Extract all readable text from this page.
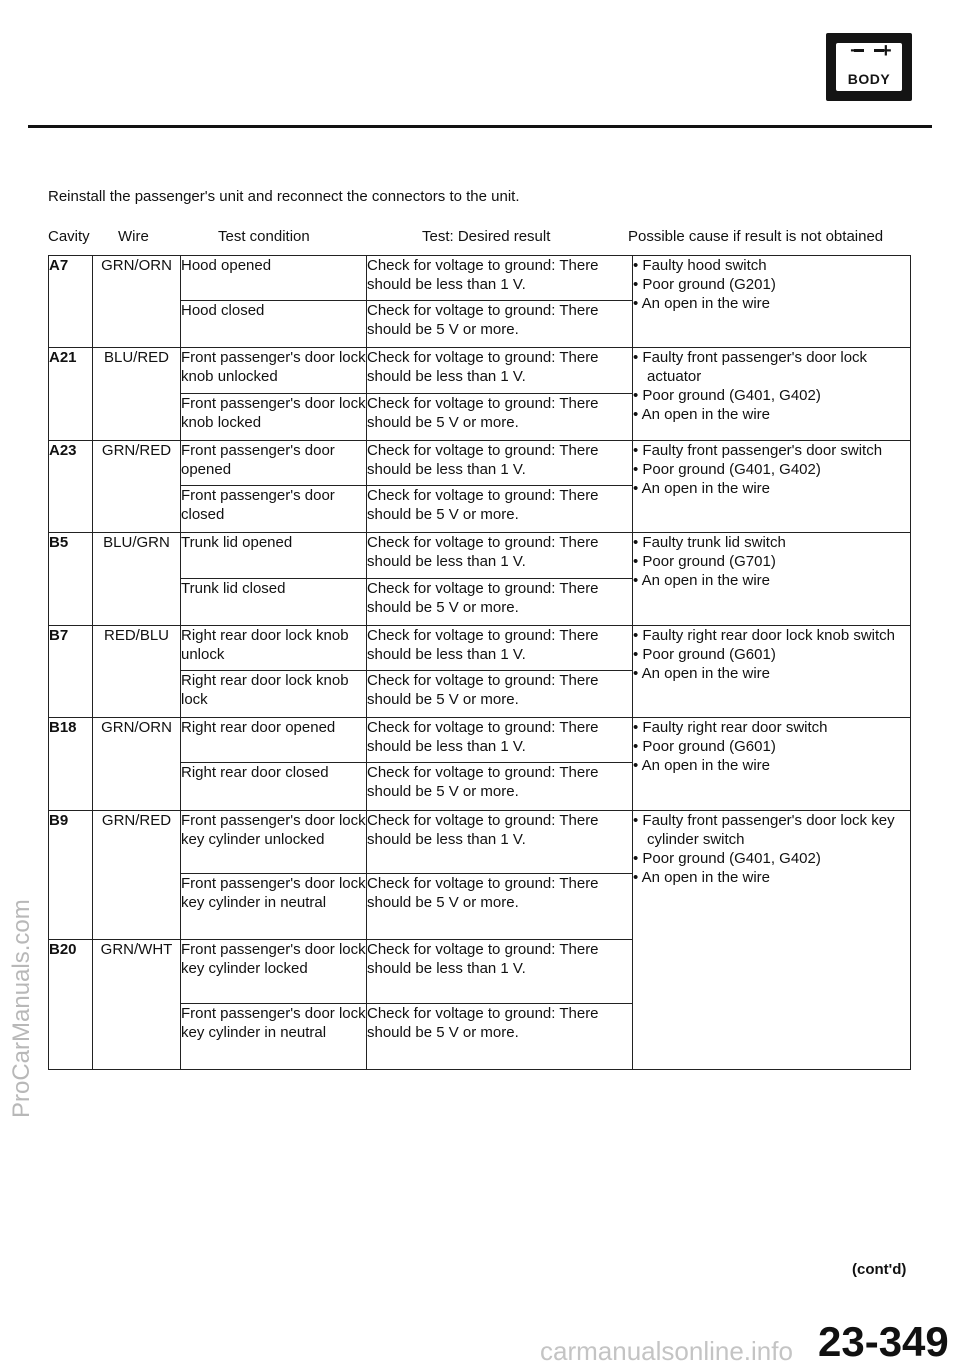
− +
BODY
Reinstall the passenger's unit and reconnect the connectors to the unit.
Cavity Wire	Test condition	Test: Desired result	Possible cause if result is not obtained
A7	GRN/ORN	Hood opened	Check for voltage to ground: There should be less than 1 V.	• Faulty hood switch
• Poor ground (G201)
• An open in the wire

		Hood closed	Check for voltage to ground: There should be 5 V or more.	
A21	BLU/RED	Front passenger's door lock knob unlocked	Check for voltage to ground: There should be less than 1 V.	• Faulty front passenger's door lock actuator
• Poor ground (G401, G402)
• An open in the wire

		Front passenger's door lock knob locked	Check for voltage to ground: There should be 5 V or more.	
A23	GRN/RED	Front passenger's door opened	Check for voltage to ground: There should be less than 1 V.	• Faulty front passenger's door switch
• Poor ground (G401, G402)
• An open in the wire

		Front passenger's door closed	Check for voltage to ground: There should be 5 V or more.	
B5	BLU/GRN	Trunk lid opened	Check for voltage to ground: There should be less than 1 V.	• Faulty trunk lid switch
• Poor ground (G701)
• An open in the wire

		Trunk lid closed	Check for voltage to ground: There should be 5 V or more.	
B7	RED/BLU	Right rear door lock knob unlock	Check for voltage to ground: There should be less than 1 V.	• Faulty right rear door lock knob switch
• Poor ground (G601)
• An open in the wire

		Right rear door lock knob lock	Check for voltage to ground: There should be 5 V or more.	
B18	GRN/ORN	Right rear door opened	Check for voltage to ground: There should be less than 1 V.	• Faulty right rear door switch
• Poor ground (G601)
• An open in the wire

		Right rear door closed	Check for voltage to ground: There should be 5 V or more.	
B9	GRN/RED	Front passenger's door lock key cylinder unlocked	Check for voltage to ground: There should be less than 1 V.	• Faulty front passenger's door lock key cylinder switch
• Poor ground (G401, G402)
• An open in the wire

		Front passenger's door lock key cylinder in neutral	Check for voltage to ground: There should be 5 V or more.	
B20	GRN/WHT	Front passenger's door lock key cylinder locked	Check for voltage to ground: There should be less than 1 V.	
		Front passenger's door lock key cylinder in neutral	Check for voltage to ground: There should be 5 V or more.	
ProCarManuals.com
(cont'd)
23-349
carmanualsonline.info
